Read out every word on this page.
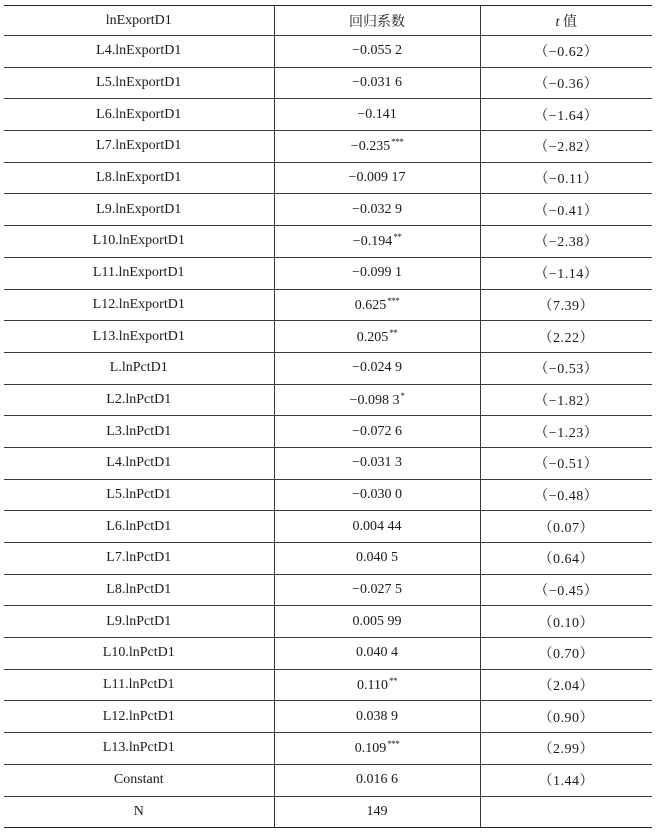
lnExportD1	回归系数	t 值
L4.lnExportD1	−0.055 2	（−0.62）
L5.lnExportD1	−0.031 6	（−0.36）
L6.lnExportD1	−0.141	（−1.64）
L7.lnExportD1	−0.235***	（−2.82）
L8.lnExportD1	−0.009 17	（−0.11）
L9.lnExportD1	−0.032 9	（−0.41）
L10.lnExportD1	−0.194**	（−2.38）
L11.lnExportD1	−0.099 1	（−1.14）
L12.lnExportD1	0.625***	（7.39）
L13.lnExportD1	0.205**	（2.22）
L.lnPctD1	−0.024 9	（−0.53）
L2.lnPctD1	−0.098 3*	（−1.82）
L3.lnPctD1	−0.072 6	（−1.23）
L4.lnPctD1	−0.031 3	（−0.51）
L5.lnPctD1	−0.030 0	（−0.48）
L6.lnPctD1	0.004 44	（0.07）
L7.lnPctD1	0.040 5	（0.64）
L8.lnPctD1	−0.027 5	（−0.45）
L9.lnPctD1	0.005 99	（0.10）
L10.lnPctD1	0.040 4	（0.70）
L11.lnPctD1	0.110**	（2.04）
L12.lnPctD1	0.038 9	（0.90）
L13.lnPctD1	0.109***	（2.99）
Constant	0.016 6	（1.44）
N	149	
